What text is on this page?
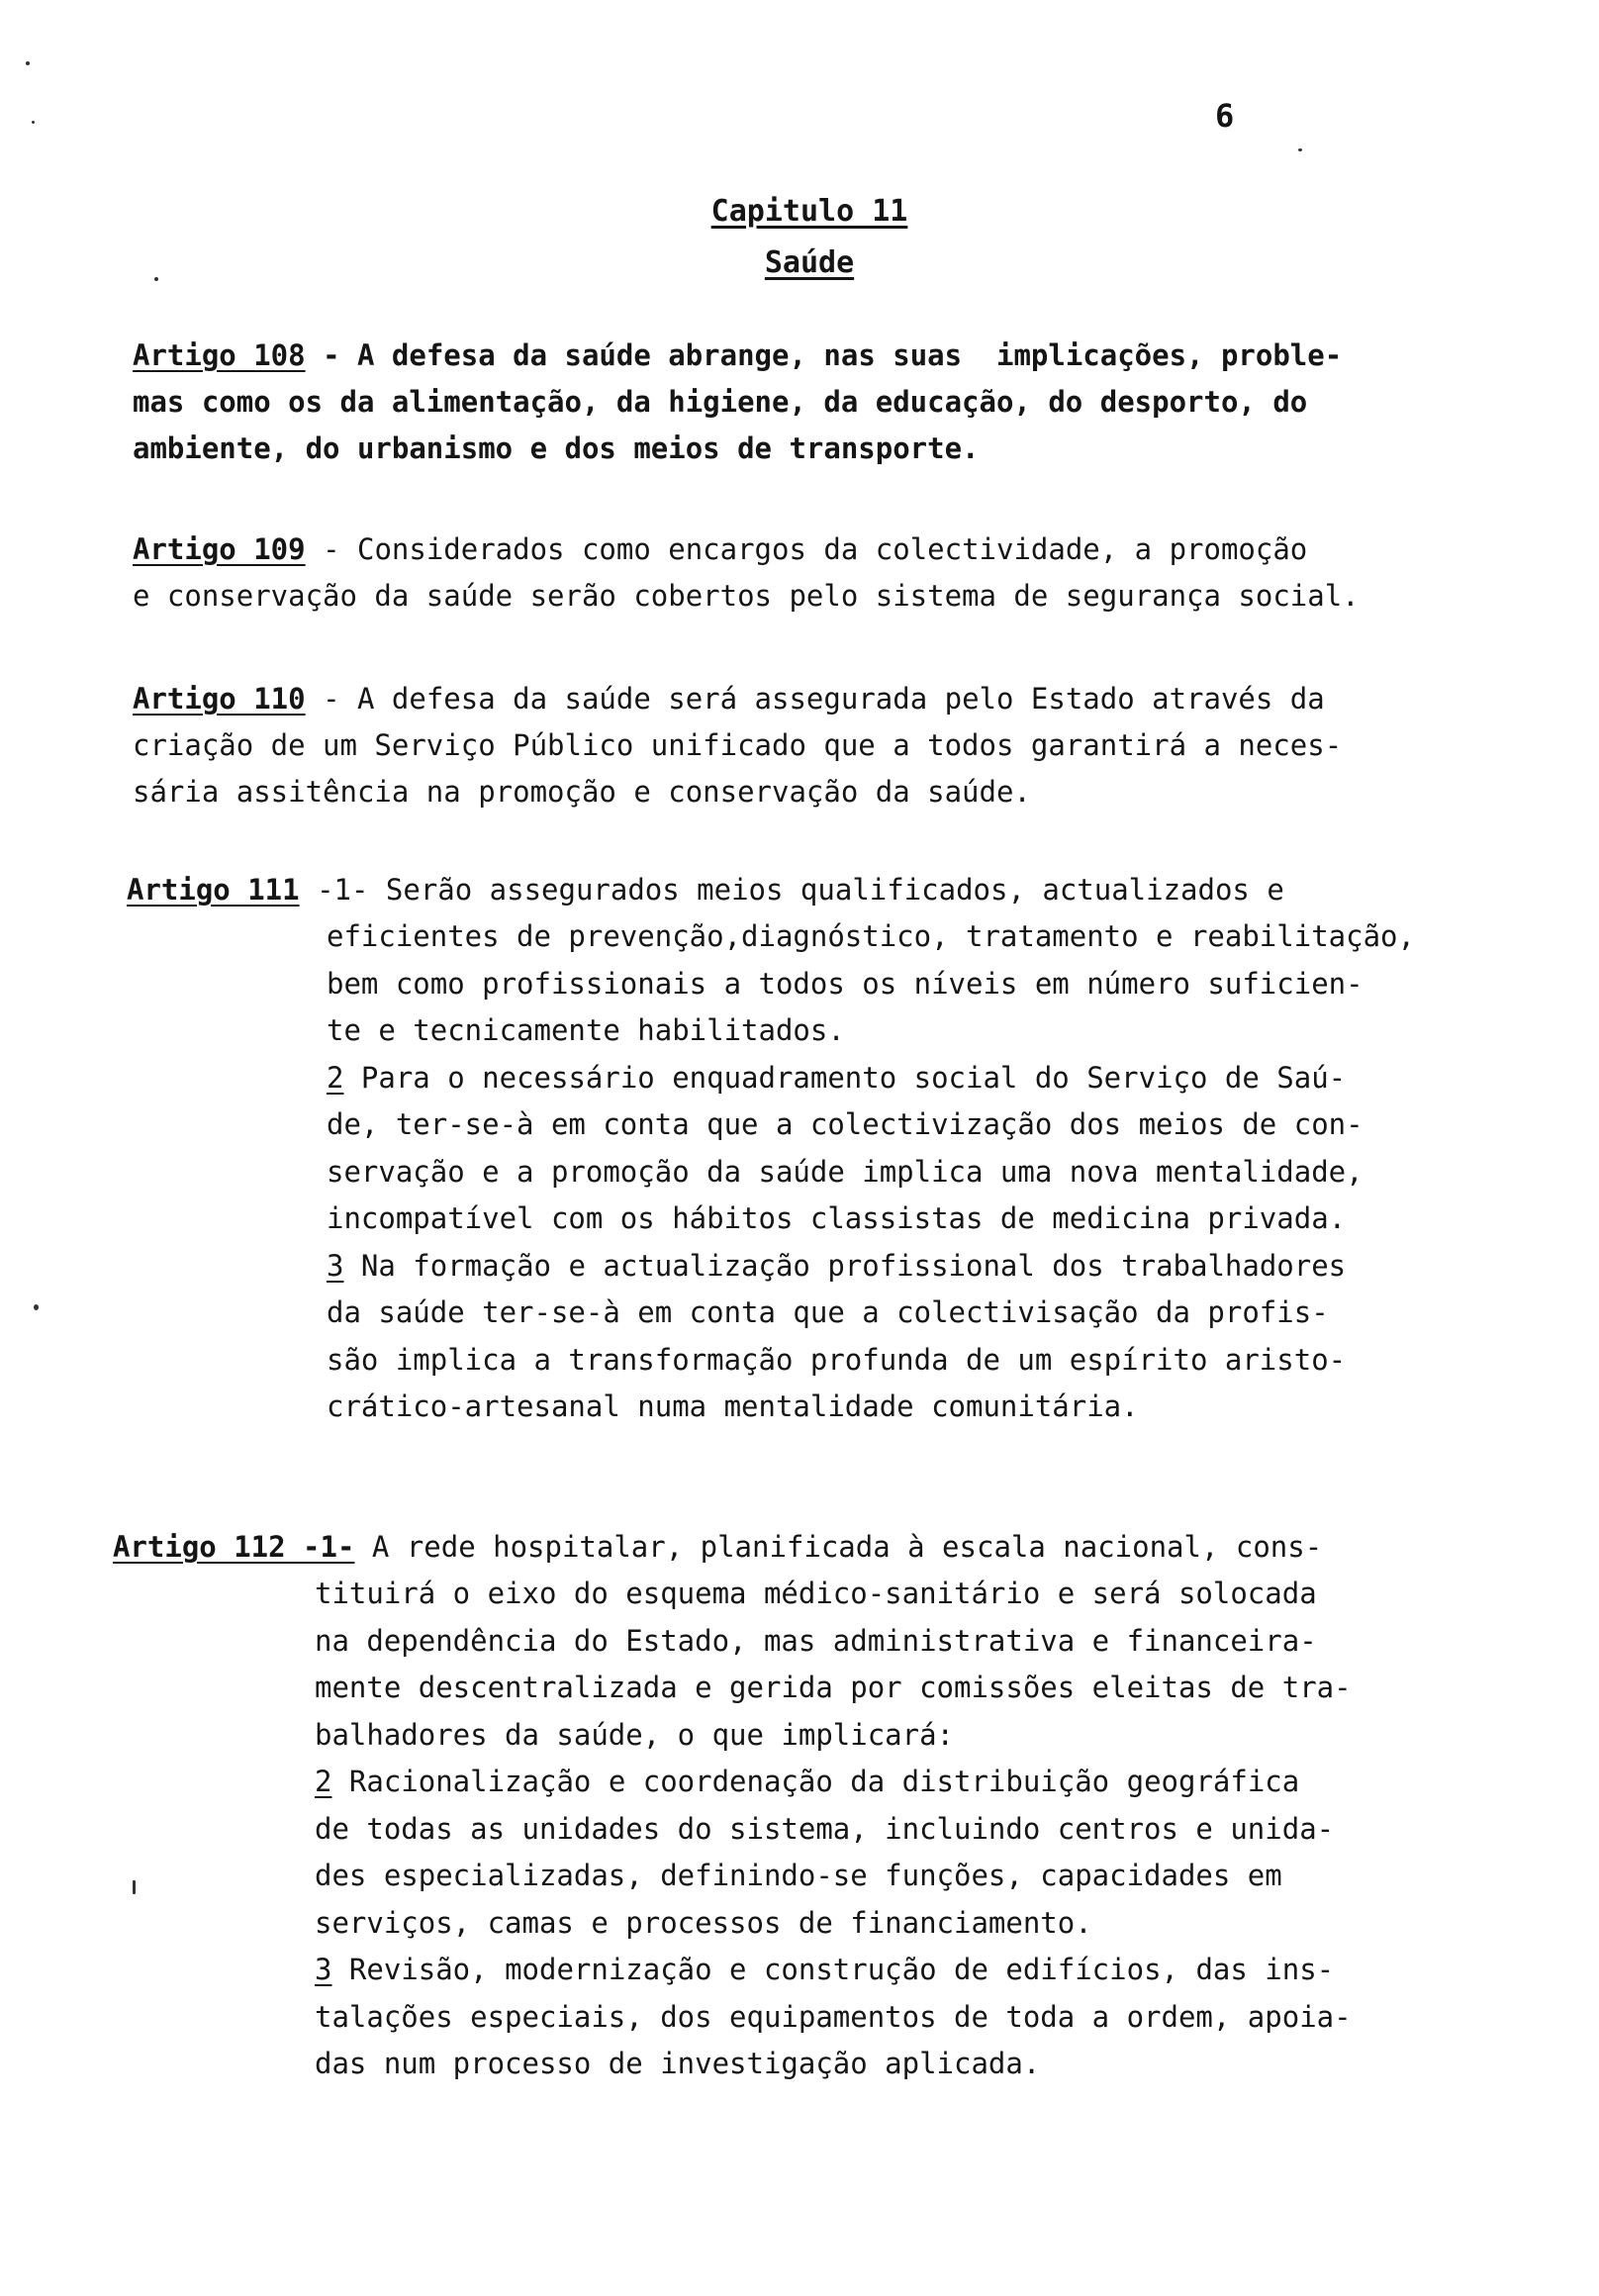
6
Capitulo 11
Saúde
Artigo 108 - A defesa da saúde abrange, nas suas  implicações, proble-
mas como os da alimentação, da higiene, da educação, do desporto, do
ambiente, do urbanismo e dos meios de transporte.
Artigo 109 - Considerados como encargos da colectividade, a promoção
e conservação da saúde serão cobertos pelo sistema de segurança social.
Artigo 110 - A defesa da saúde será assegurada pelo Estado através da
criação de um Serviço Público unificado que a todos garantirá a neces-
sária assitência na promoção e conservação da saúde.
Artigo 111 -1- Serão assegurados meios qualificados, actualizados e
eficientes de prevenção,diagnóstico, tratamento e reabilitação,
bem como profissionais a todos os níveis em número suficien-
te e tecnicamente habilitados.
2 Para o necessário enquadramento social do Serviço de Saú-
de, ter-se-à em conta que a colectivização dos meios de con-
servação e a promoção da saúde implica uma nova mentalidade,
incompatível com os hábitos classistas de medicina privada.
3 Na formação e actualização profissional dos trabalhadores
da saúde ter-se-à em conta que a colectivisação da profis-
são implica a transformação profunda de um espírito aristo-
crático-artesanal numa mentalidade comunitária.
Artigo 112 -1- A rede hospitalar, planificada à escala nacional, cons-
tituirá o eixo do esquema médico-sanitário e será solocada
na dependência do Estado, mas administrativa e financeira-
mente descentralizada e gerida por comissões eleitas de tra-
balhadores da saúde, o que implicará:
2 Racionalização e coordenação da distribuição geográfica
de todas as unidades do sistema, incluindo centros e unida-
des especializadas, definindo-se funções, capacidades em
serviços, camas e processos de financiamento.
3 Revisão, modernização e construção de edifícios, das ins-
talações especiais, dos equipamentos de toda a ordem, apoia-
das num processo de investigação aplicada.
